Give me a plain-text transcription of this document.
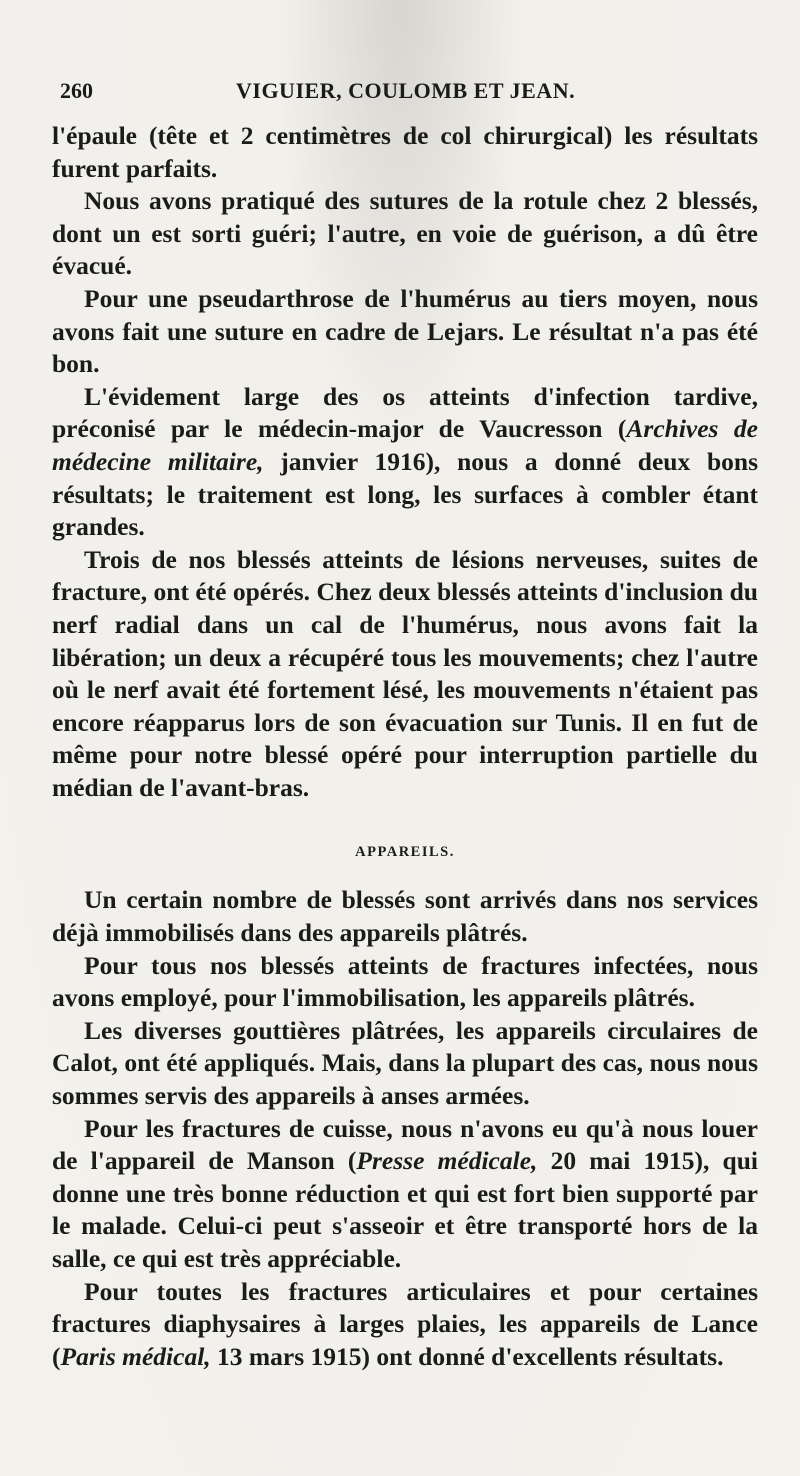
260	VIGUIER, COULOMB ET JEAN.

l'épaule (tête et 2 centimètres de col chirurgical) les résultats furent parfaits.

Nous avons pratiqué des sutures de la rotule chez 2 blessés, dont un est sorti guéri; l'autre, en voie de guérison, a dû être évacué.

Pour une pseudarthrose de l'humérus au tiers moyen, nous avons fait une suture en cadre de Lejars. Le résultat n'a pas été bon.

L'évidement large des os atteints d'infection tardive, préconisé par le médecin-major de Vaucresson (Archives de médecine militaire, janvier 1916), nous a donné deux bons résultats; le traitement est long, les surfaces à combler étant grandes.

Trois de nos blessés atteints de lésions nerveuses, suites de fracture, ont été opérés. Chez deux blessés atteints d'inclusion du nerf radial dans un cal de l'humérus, nous avons fait la libération; un deux a récupéré tous les mouvements; chez l'autre où le nerf avait été fortement lésé, les mouvements n'étaient pas encore réapparus lors de son évacuation sur Tunis. Il en fut de même pour notre blessé opéré pour interruption partielle du médian de l'avant-bras.

APPAREILS.

Un certain nombre de blessés sont arrivés dans nos services déjà immobilisés dans des appareils plâtrés.

Pour tous nos blessés atteints de fractures infectées, nous avons employé, pour l'immobilisation, les appareils plâtrés.

Les diverses gouttières plâtrées, les appareils circulaires de Calot, ont été appliqués. Mais, dans la plupart des cas, nous nous sommes servis des appareils à anses armées.

Pour les fractures de cuisse, nous n'avons eu qu'à nous louer de l'appareil de Manson (Presse médicale, 20 mai 1915), qui donne une très bonne réduction et qui est fort bien supporté par le malade. Celui-ci peut s'asseoir et être transporté hors de la salle, ce qui est très appréciable.

Pour toutes les fractures articulaires et pour certaines fractures diaphysaires à larges plaies, les appareils de Lance (Paris médical, 13 mars 1915) ont donné d'excellents résultats.
